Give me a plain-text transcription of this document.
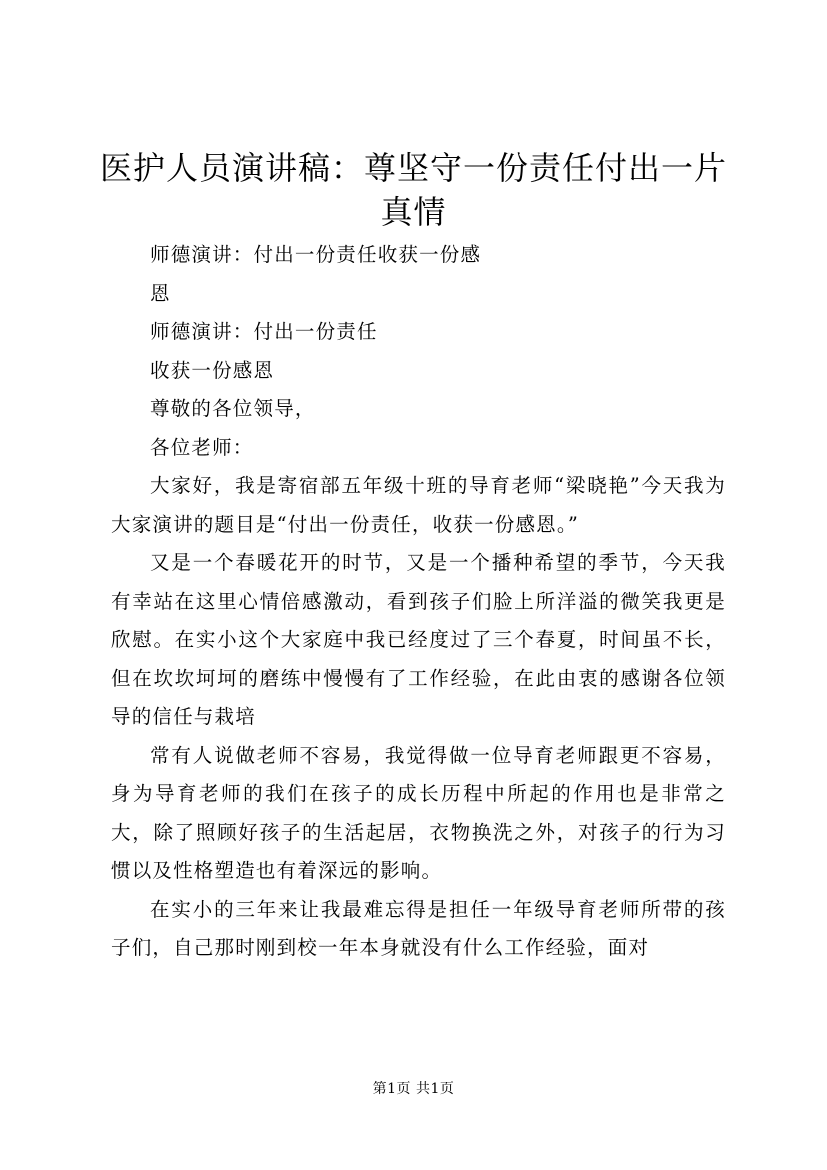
医护人员演讲稿：尊坚守一份责任付出一片真情

师德演讲：付出一份责任收获一份感

恩

师德演讲：付出一份责任

收获一份感恩

尊敬的各位领导，

各位老师：

大家好，我是寄宿部五年级十班的导育老师“梁晓艳”今天我为大家演讲的题目是“付出一份责任，收获一份感恩。”

又是一个春暖花开的时节，又是一个播种希望的季节，今天我有幸站在这里心情倍感激动，看到孩子们脸上所洋溢的微笑我更是欣慰。在实小这个大家庭中我已经度过了三个春夏，时间虽不长，但在坎坎坷坷的磨练中慢慢有了工作经验，在此由衷的感谢各位领导的信任与栽培

常有人说做老师不容易，我觉得做一位导育老师跟更不容易，身为导育老师的我们在孩子的成长历程中所起的作用也是非常之大，除了照顾好孩子的生活起居，衣物换洗之外，对孩子的行为习惯以及性格塑造也有着深远的影响。

在实小的三年来让我最难忘得是担任一年级导育老师所带的孩子们，自己那时刚到校一年本身就没有什么工作经验，面对

第1页 共1页
